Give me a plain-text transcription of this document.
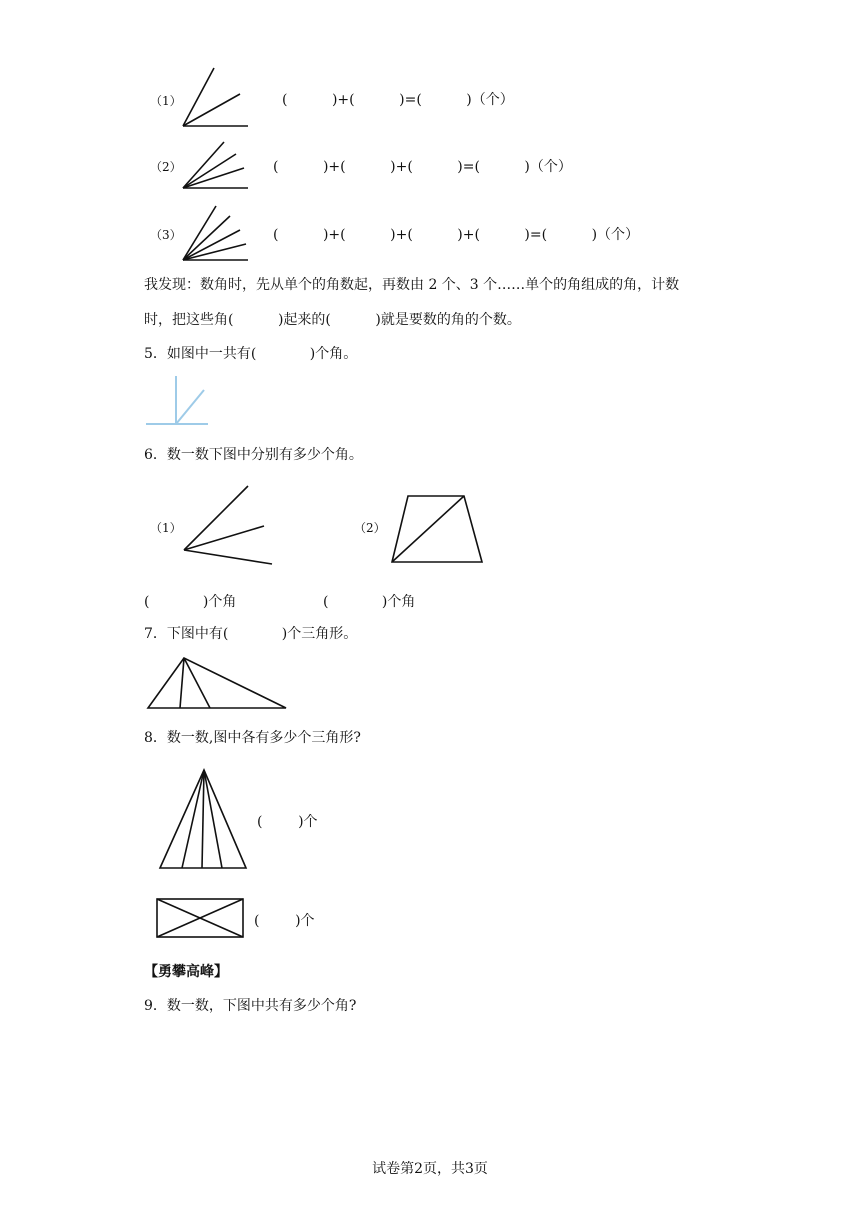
（1）	(          )+(          )=(          )（个）
（2）	(          )+(          )+(          )=(          )（个）
（3）	(          )+(          )+(          )+(          )=(          )（个）
我发现：数角时，先从单个的角数起，再数由 2 个、3 个……单个的角组成的角，计数
时，把这些角(          )起来的(          )就是要数的角的个数。
5．如图中一共有(            )个角。
6．数一数下图中分别有多少个角。
（1）	（2）
(            )个角	(            )个角
7．下图中有(            )个三角形。
8．数一数,图中各有多少个三角形?
(        )个
(        )个
【勇攀高峰】
9．数一数，下图中共有多少个角?
试卷第2页，共3页
